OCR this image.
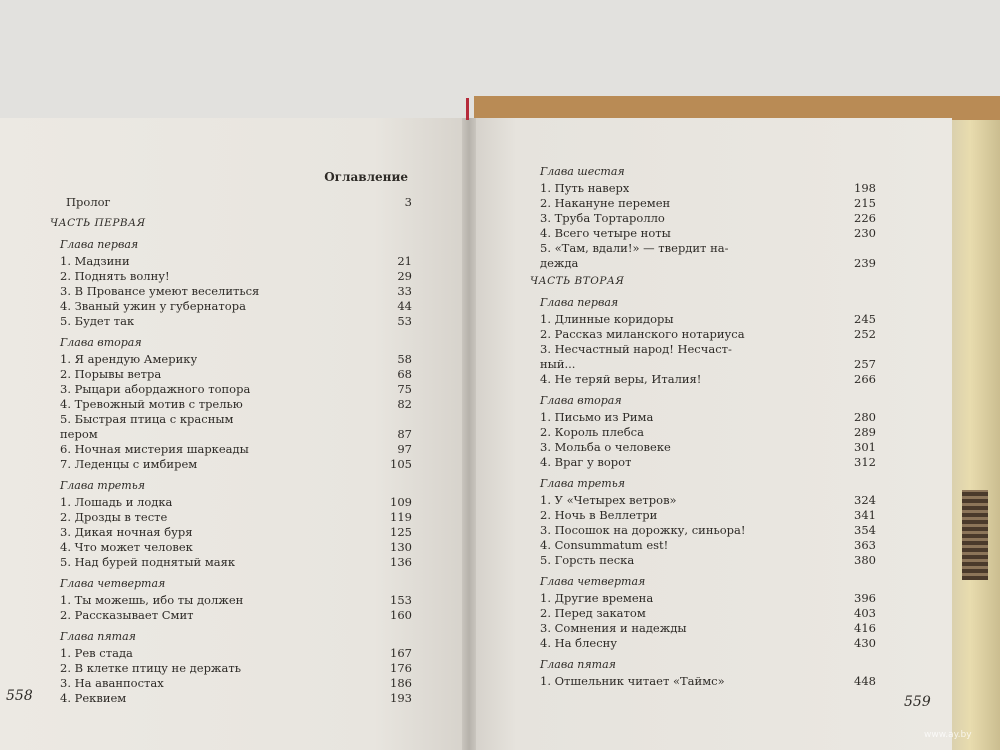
Оглавление
Пролог	3
ЧАСТЬ ПЕРВАЯ
Глава первая
1. Мадзини	21
2. Поднять волну!	29
3. В Провансе умеют веселиться	33
4. Званый ужин у губернатора	44
5. Будет так	53
Глава вторая
1. Я арендую Америку	58
2. Порывы ветра	68
3. Рыцари абордажного топора	75
4. Тревожный мотив с трелью	82
5. Быстрая птица с красным
пером	87
6. Ночная мистерия шаркеады	97
7. Леденцы с имбирем	105
Глава третья
1. Лошадь и лодка	109
2. Дрозды в тесте	119
3. Дикая ночная буря	125
4. Что может человек	130
5. Над бурей поднятый маяк	136
Глава четвертая
1. Ты можешь, ибо ты должен	153
2. Рассказывает Смит	160
Глава пятая
1. Рев стада	167
2. В клетке птицу не держать	176
3. На аванпостах	186
4. Реквием	193
Глава шестая
1. Путь наверх	198
2. Накануне перемен	215
3. Труба Тортаролло	226
4. Всего четыре ноты	230
5. «Там, вдали!» — твердит на-
дежда	239
ЧАСТЬ ВТОРАЯ
Глава первая
1. Длинные коридоры	245
2. Рассказ миланского нотариуса	252
3. Несчастный народ! Несчаст-
ный...	257
4. Не теряй веры, Италия!	266
Глава вторая
1. Письмо из Рима	280
2. Король плебса	289
3. Мольба о человеке	301
4. Враг у ворот	312
Глава третья
1. У «Четырех ветров»	324
2. Ночь в Веллетри	341
3. Посошок на дорожку, синьора!	354
4. Consummatum est!	363
5. Горсть песка	380
Глава четвертая
1. Другие времена	396
2. Перед закатом	403
3. Сомнения и надежды	416
4. На блесну	430
Глава пятая
1. Отшельник читает «Таймс»	448
558	559
www.ay.by
